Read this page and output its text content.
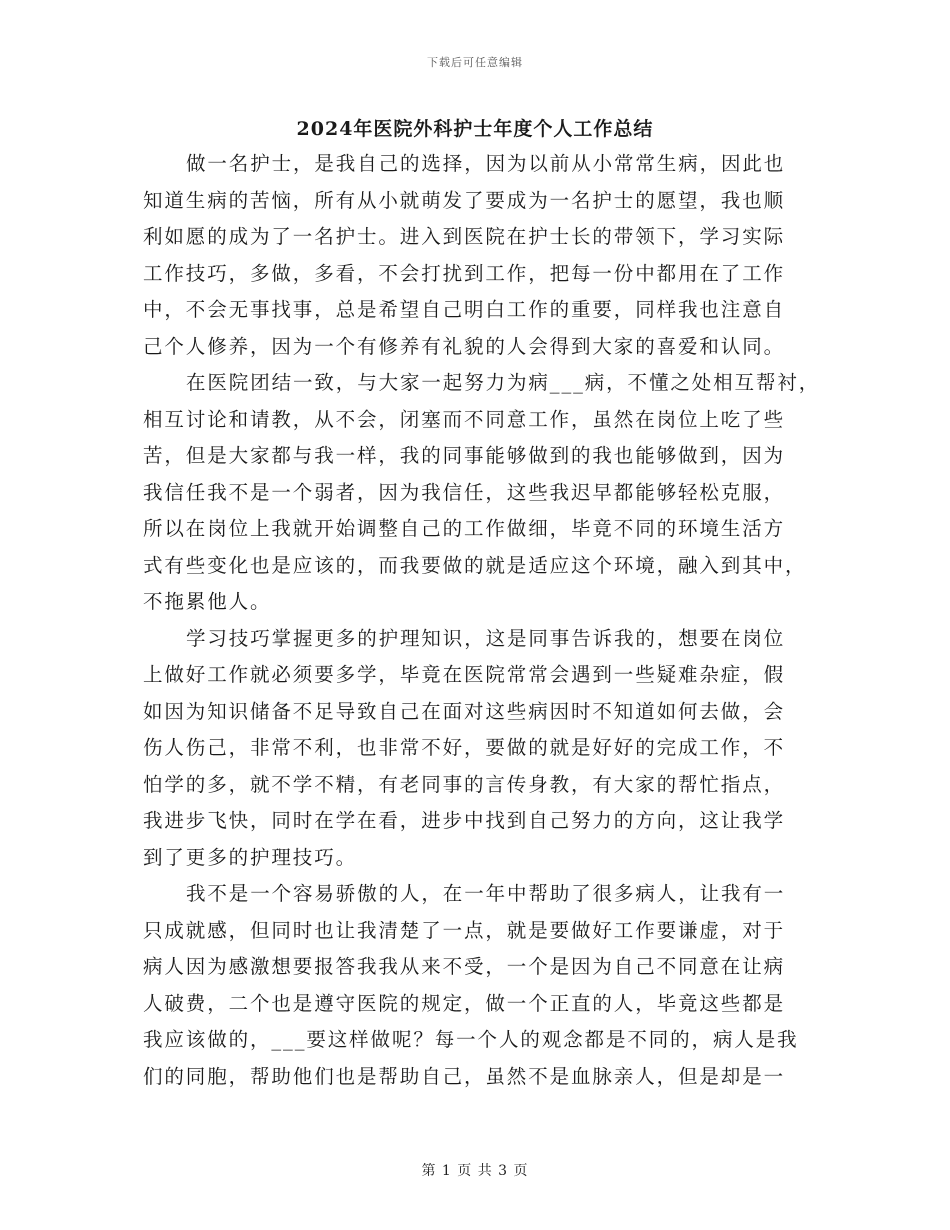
下载后可任意编辑
2024年医院外科护士年度个人工作总结
做一名护士，是我自己的选择，因为以前从小常常生病，因此也
知道生病的苦恼，所有从小就萌发了要成为一名护士的愿望，我也顺
利如愿的成为了一名护士。进入到医院在护士长的带领下，学习实际
工作技巧，多做，多看，不会打扰到工作，把每一份中都用在了工作
中，不会无事找事，总是希望自己明白工作的重要，同样我也注意自
己个人修养，因为一个有修养有礼貌的人会得到大家的喜爱和认同。
在医院团结一致，与大家一起努力为病___病，不懂之处相互帮衬，
相互讨论和请教，从不会，闭塞而不同意工作，虽然在岗位上吃了些
苦，但是大家都与我一样，我的同事能够做到的我也能够做到，因为
我信任我不是一个弱者，因为我信任，这些我迟早都能够轻松克服，
所以在岗位上我就开始调整自己的工作做细，毕竟不同的环境生活方
式有些变化也是应该的，而我要做的就是适应这个环境，融入到其中，
不拖累他人。
学习技巧掌握更多的护理知识，这是同事告诉我的，想要在岗位
上做好工作就必须要多学，毕竟在医院常常会遇到一些疑难杂症，假
如因为知识储备不足导致自己在面对这些病因时不知道如何去做，会
伤人伤己，非常不利，也非常不好，要做的就是好好的完成工作，不
怕学的多，就不学不精，有老同事的言传身教，有大家的帮忙指点，
我进步飞快，同时在学在看，进步中找到自己努力的方向，这让我学
到了更多的护理技巧。
我不是一个容易骄傲的人，在一年中帮助了很多病人，让我有一
只成就感，但同时也让我清楚了一点，就是要做好工作要谦虚，对于
病人因为感激想要报答我我从来不受，一个是因为自己不同意在让病
人破费，二个也是遵守医院的规定，做一个正直的人，毕竟这些都是
我应该做的，___要这样做呢？每一个人的观念都是不同的，病人是我
们的同胞，帮助他们也是帮助自己，虽然不是血脉亲人，但是却是一
第 1 页 共 3 页
